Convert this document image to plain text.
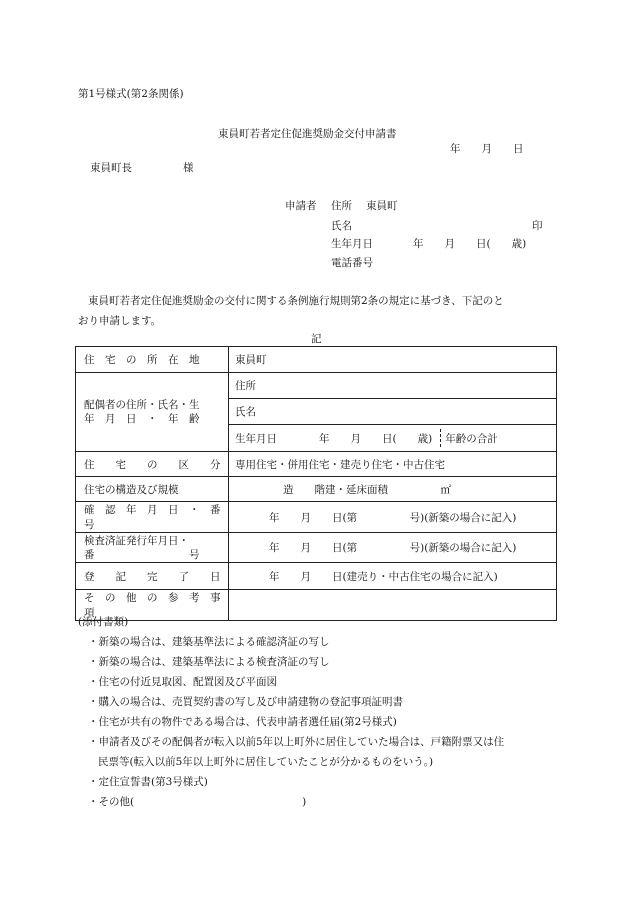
第1号様式(第2条関係)
東員町若者定住促進奨励金交付申請書
年　　月　　日
東員町長	様
申請者 住所 東員町
氏名	印
生年月日	年　　月　　日(　　歳)
電話番号
東員町若者定住促進奨励金の交付に関する条例施行規則第2条の規定に基づき、下記のと
おり申請します。
記
住　宅　の　所　在　地	東員町

配偶者の住所・氏名・生
年　月　日　・　年　齢	住所
	氏名

	生年月日　　　　年　　月　　日(　　歳) 年齢の合計

住　　宅　　の　　区　　分	専用住宅・併用住宅・建売り住宅・中古住宅
住宅の構造及び規模	造　　階建・延床面積　　　　　㎡
確　認　年　月　日　・　番　号	年　　月　　日(第　　　　　号)(新築の場合に記入)

検査済証発行年月日・
番　　　　　　　　　号	年　　月　　日(第　　　　　号)(新築の場合に記入)
登　　記　　完　　了　　日	年　　月　　日(建売り・中古住宅の場合に記入)
そ　の　他　の　参　考　事　項	
(添付書類)
・新築の場合は、建築基準法による確認済証の写し
・新築の場合は、建築基準法による検査済証の写し
・住宅の付近見取図、配置図及び平面図
・購入の場合は、売買契約書の写し及び申請建物の登記事項証明書
・住宅が共有の物件である場合は、代表申請者選任届(第2号様式)
・申請者及びその配偶者が転入以前5年以上町外に居住していた場合は、戸籍附票又は住
民票等(転入以前5年以上町外に居住していたことが分かるものをいう。)
・定住宣誓書(第3号様式)
・その他(　　　　　　　　　　　　　　　　)
